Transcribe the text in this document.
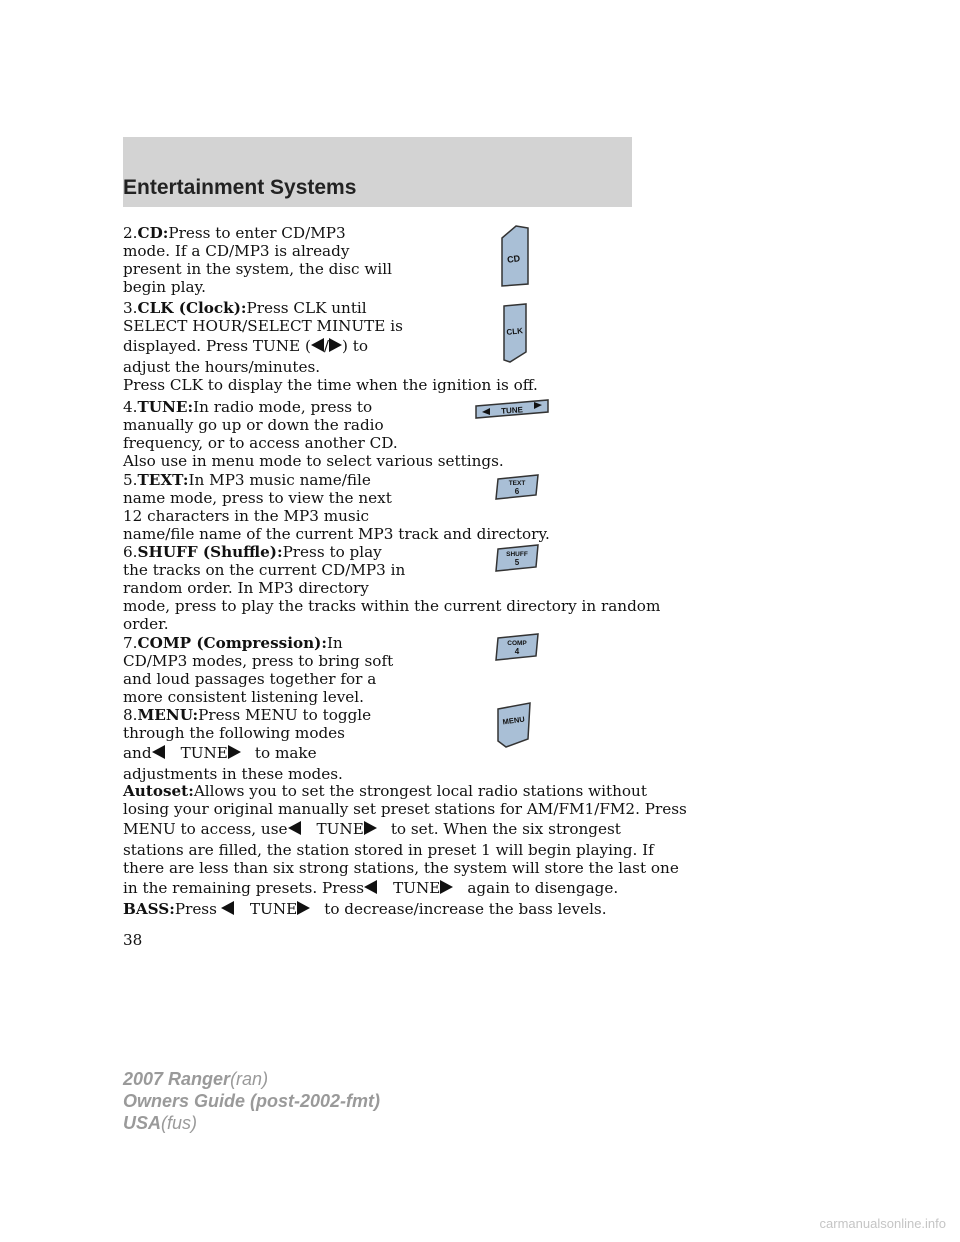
Entertainment Systems
2.CD:Press to enter CD/MP3
mode. If a CD/MP3 is already
present in the system, the disc will
begin play.
3.CLK (Clock):Press CLK until
SELECT HOUR/SELECT MINUTE is
displayed. Press TUNE ( / ) to
adjust the hours/minutes.
Press CLK to display the time when the ignition is off.
4.TUNE:In radio mode, press to
manually go up or down the radio
frequency, or to access another CD.
Also use in menu mode to select various settings.
5.TEXT:In MP3 music name/file
name mode, press to view the next
12 characters in the MP3 music
name/file name of the current MP3 track and directory.
6.SHUFF (Shuffle):Press to play
the tracks on the current CD/MP3 in
random order. In MP3 directory
mode, press to play the tracks within the current directory in random
order.
7.COMP (Compression):In
CD/MP3 modes, press to bring soft
and loud passages together for a
more consistent listening level.
8.MENU:Press MENU to toggle
through the following modes
and TUNE to make
adjustments in these modes.
Autoset:Allows you to set the strongest local radio stations without
losing your original manually set preset stations for AM/FM1/FM2. Press
MENU to access, use TUNE to set. When the six strongest
stations are filled, the station stored in preset 1 will begin playing. If
there are less than six strong stations, the system will store the last one
in the remaining presets. Press TUNE again to disengage.
BASS:Press TUNE to decrease/increase the bass levels.
CD
CLK
TUNE
TEXT
6
SHUFF
5
COMP
4
MENU
38
2007 Ranger(ran)
Owners Guide (post-2002-fmt)
USA(fus)
carmanualsonline.info
